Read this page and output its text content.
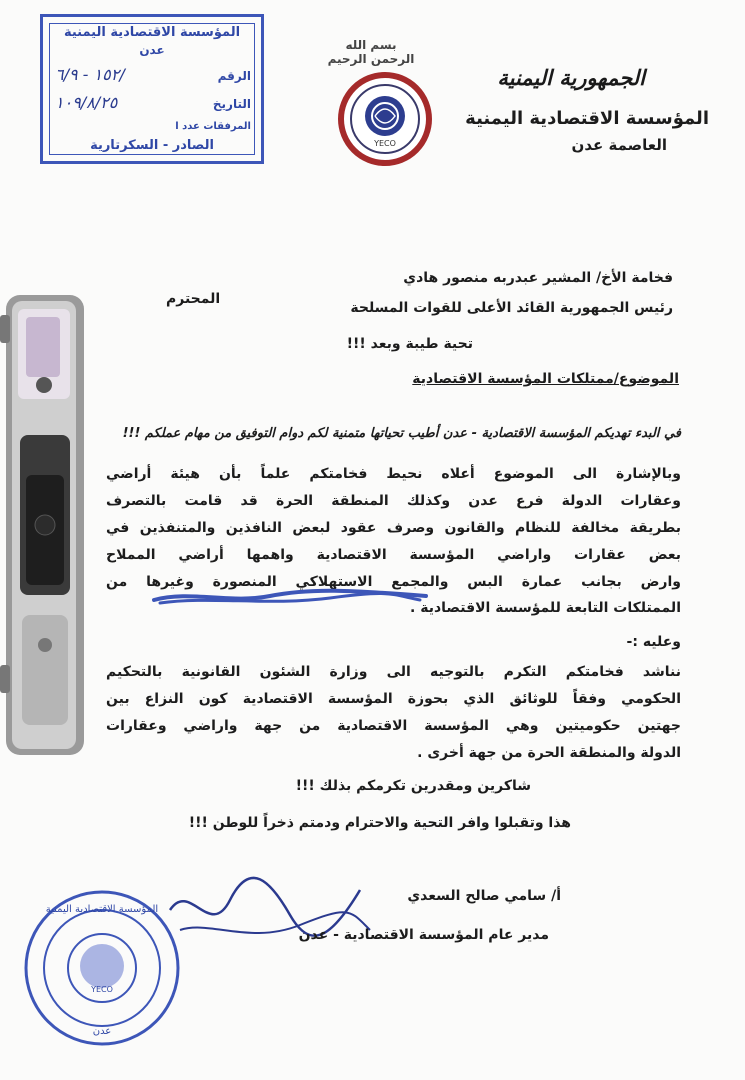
المؤسسة الاقتصادية اليمنية
عدن
الرقم
١٥٢ - ٦/٩/
التاريخ
١٠٩/٨/٢٥
المرفقات عدد ا
الصادر - السكرتارية
بسم الله الرحمن الرحيم
YECO
الجمهورية اليمنية
المؤسسة الاقتصادية اليمنية
العاصمة عدن
فخامة الأخ/ المشير عبدربه منصور هادي
رئيس الجمهورية القائد الأعلى للقوات المسلحة
المحترم
تحية طيبة وبعد !!!
الموضوع/ممتلكات المؤسسة الاقتصادية
في البدء تهديكم المؤسسة الاقتصادية - عدن أطيب تحياتها متمنية لكم دوام التوفيق من مهام عملكم !!!
وبالإشارة الى الموضوع أعلاه نحيط فخامتكم علماً بأن هيئة أراضي
وعقارات الدولة فرع عدن وكذلك المنطقة الحرة قد قامت بالتصرف
بطريقة مخالفة للنظام والقانون وصرف عقود لبعض النافذين والمتنفذين في
بعض عقارات واراضي المؤسسة الاقتصادية واهمها أراضي المملاح
وارض بجانب عمارة البس والمجمع الاستهلاكي المنصورة وغيرها من
الممتلكات التابعة للمؤسسة الاقتصادية .
وعليه :-
نناشد فخامتكم التكرم بالتوجيه الى وزارة الشئون القانونية بالتحكيم
الحكومي وفقاً للوثائق الذي بحوزة المؤسسة الاقتصادية كون النزاع بين
جهتين حكوميتين وهي المؤسسة الاقتصادية من جهة واراضي وعقارات
الدولة والمنطقة الحرة من جهة أخرى .
شاكرين ومقدرين تكرمكم بذلك !!!
هذا وتقبلوا وافر التحية والاحترام ودمتم ذخراً للوطن !!!
أ/ سامي صالح السعدي
مدير عام المؤسسة الاقتصادية - عدن
YECO
المؤسسة الاقتصادية اليمنية
عدن
